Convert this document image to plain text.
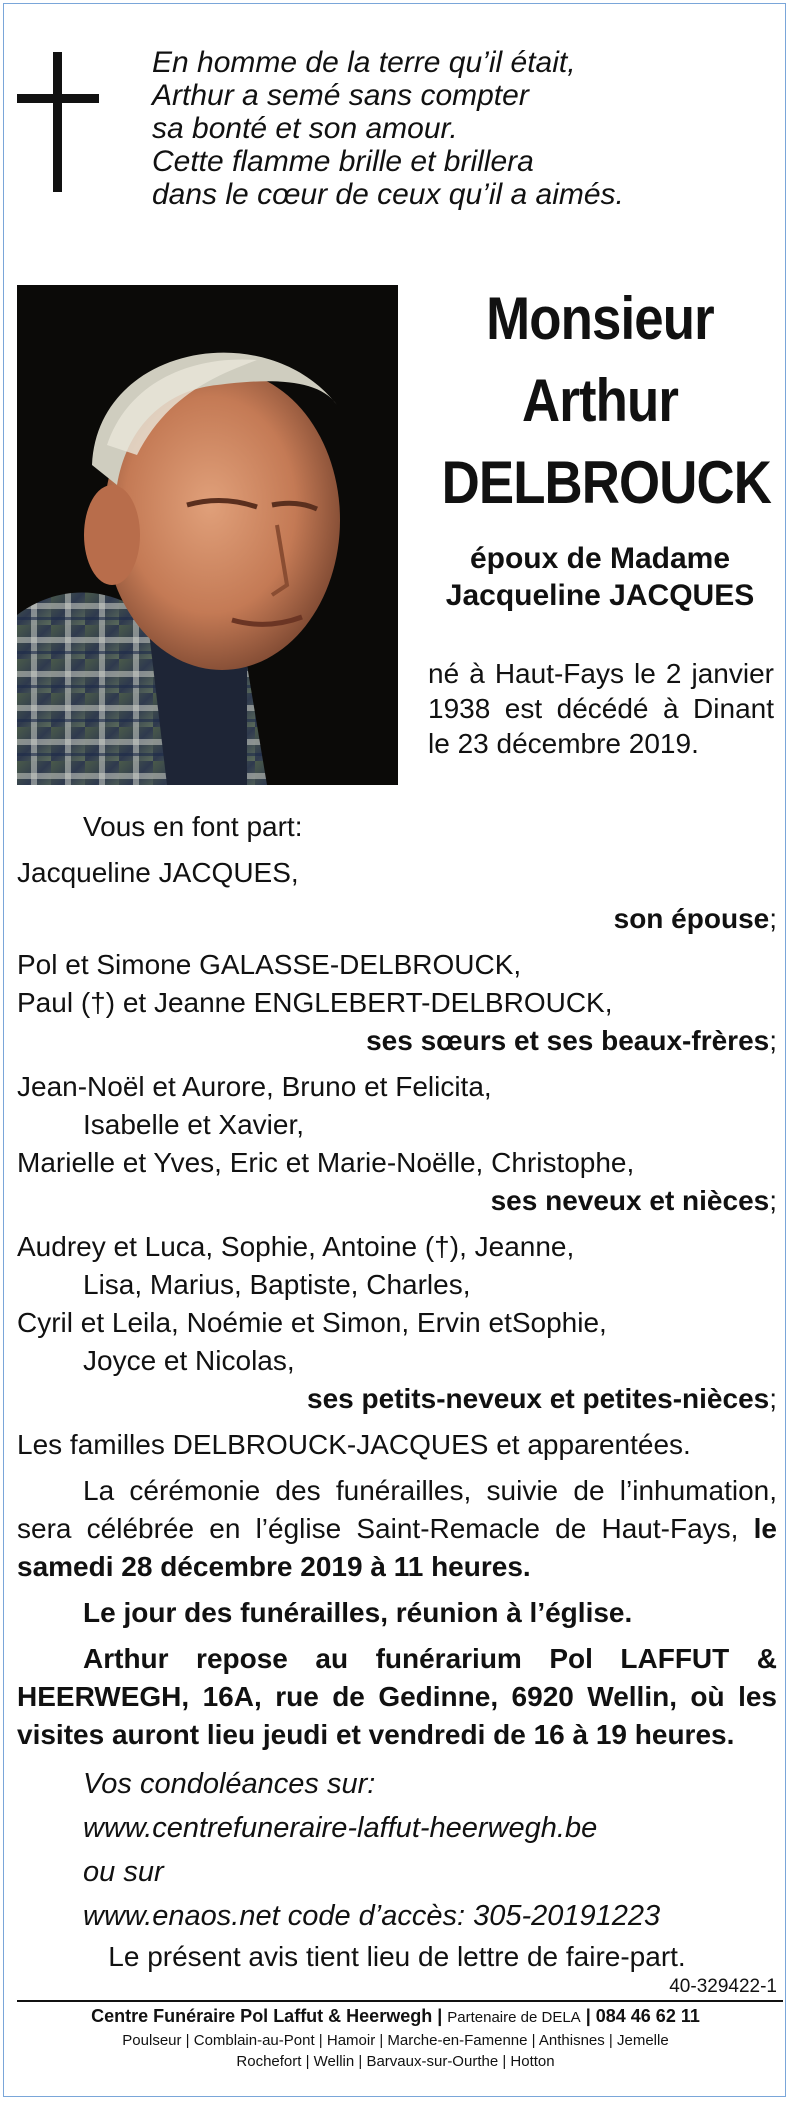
En homme de la terre qu’il était,
Arthur a semé sans compter
sa bonté et son amour.
Cette flamme brille et brillera
dans le cœur de ceux qu’il a aimés.
Monsieur
Arthur
DELBROUCK
époux de Madame
Jacqueline JACQUES
né à Haut-Fays le 2 janvier 1938 est décédé à Dinant le 23 décembre 2019.
Vous en font part:
Jacqueline JACQUES,
son épouse;
Pol et Simone GALASSE-DELBROUCK,
Paul (†) et Jeanne ENGLEBERT-DELBROUCK,
ses sœurs et ses beaux-frères;
Jean-Noël et Aurore, Bruno et Felicita,
Isabelle et Xavier,
Marielle et Yves, Eric et Marie-Noëlle, Christophe,
ses neveux et nièces;
Audrey et Luca, Sophie, Antoine (†), Jeanne,
Lisa, Marius, Baptiste, Charles,
Cyril et Leila, Noémie et Simon, Ervin etSophie,
Joyce et Nicolas,
ses petits-neveux et petites-nièces;
Les familles DELBROUCK-JACQUES et apparentées.
La cérémonie des funérailles, suivie de l’inhumation, sera célébrée en l’église Saint-Remacle de Haut-Fays, le samedi 28 décembre 2019 à 11 heures.
Le jour des funérailles, réunion à l’église.
Arthur repose au funérarium Pol LAFFUT & HEERWEGH, 16A, rue de Gedinne, 6920 Wellin, où les visites auront lieu jeudi et vendredi de 16 à 19 heures.
Vos condoléances sur:
www.centrefuneraire-laffut-heerwegh.be
ou sur
www.enaos.net code d’accès: 305-20191223
Le présent avis tient lieu de lettre de faire-part.
40-329422-1
Centre Funéraire Pol Laffut & Heerwegh | Partenaire de DELA | 084 46 62 11
Poulseur | Comblain-au-Pont | Hamoir | Marche-en-Famenne | Anthisnes | Jemelle
Rochefort | Wellin | Barvaux-sur-Ourthe | Hotton
